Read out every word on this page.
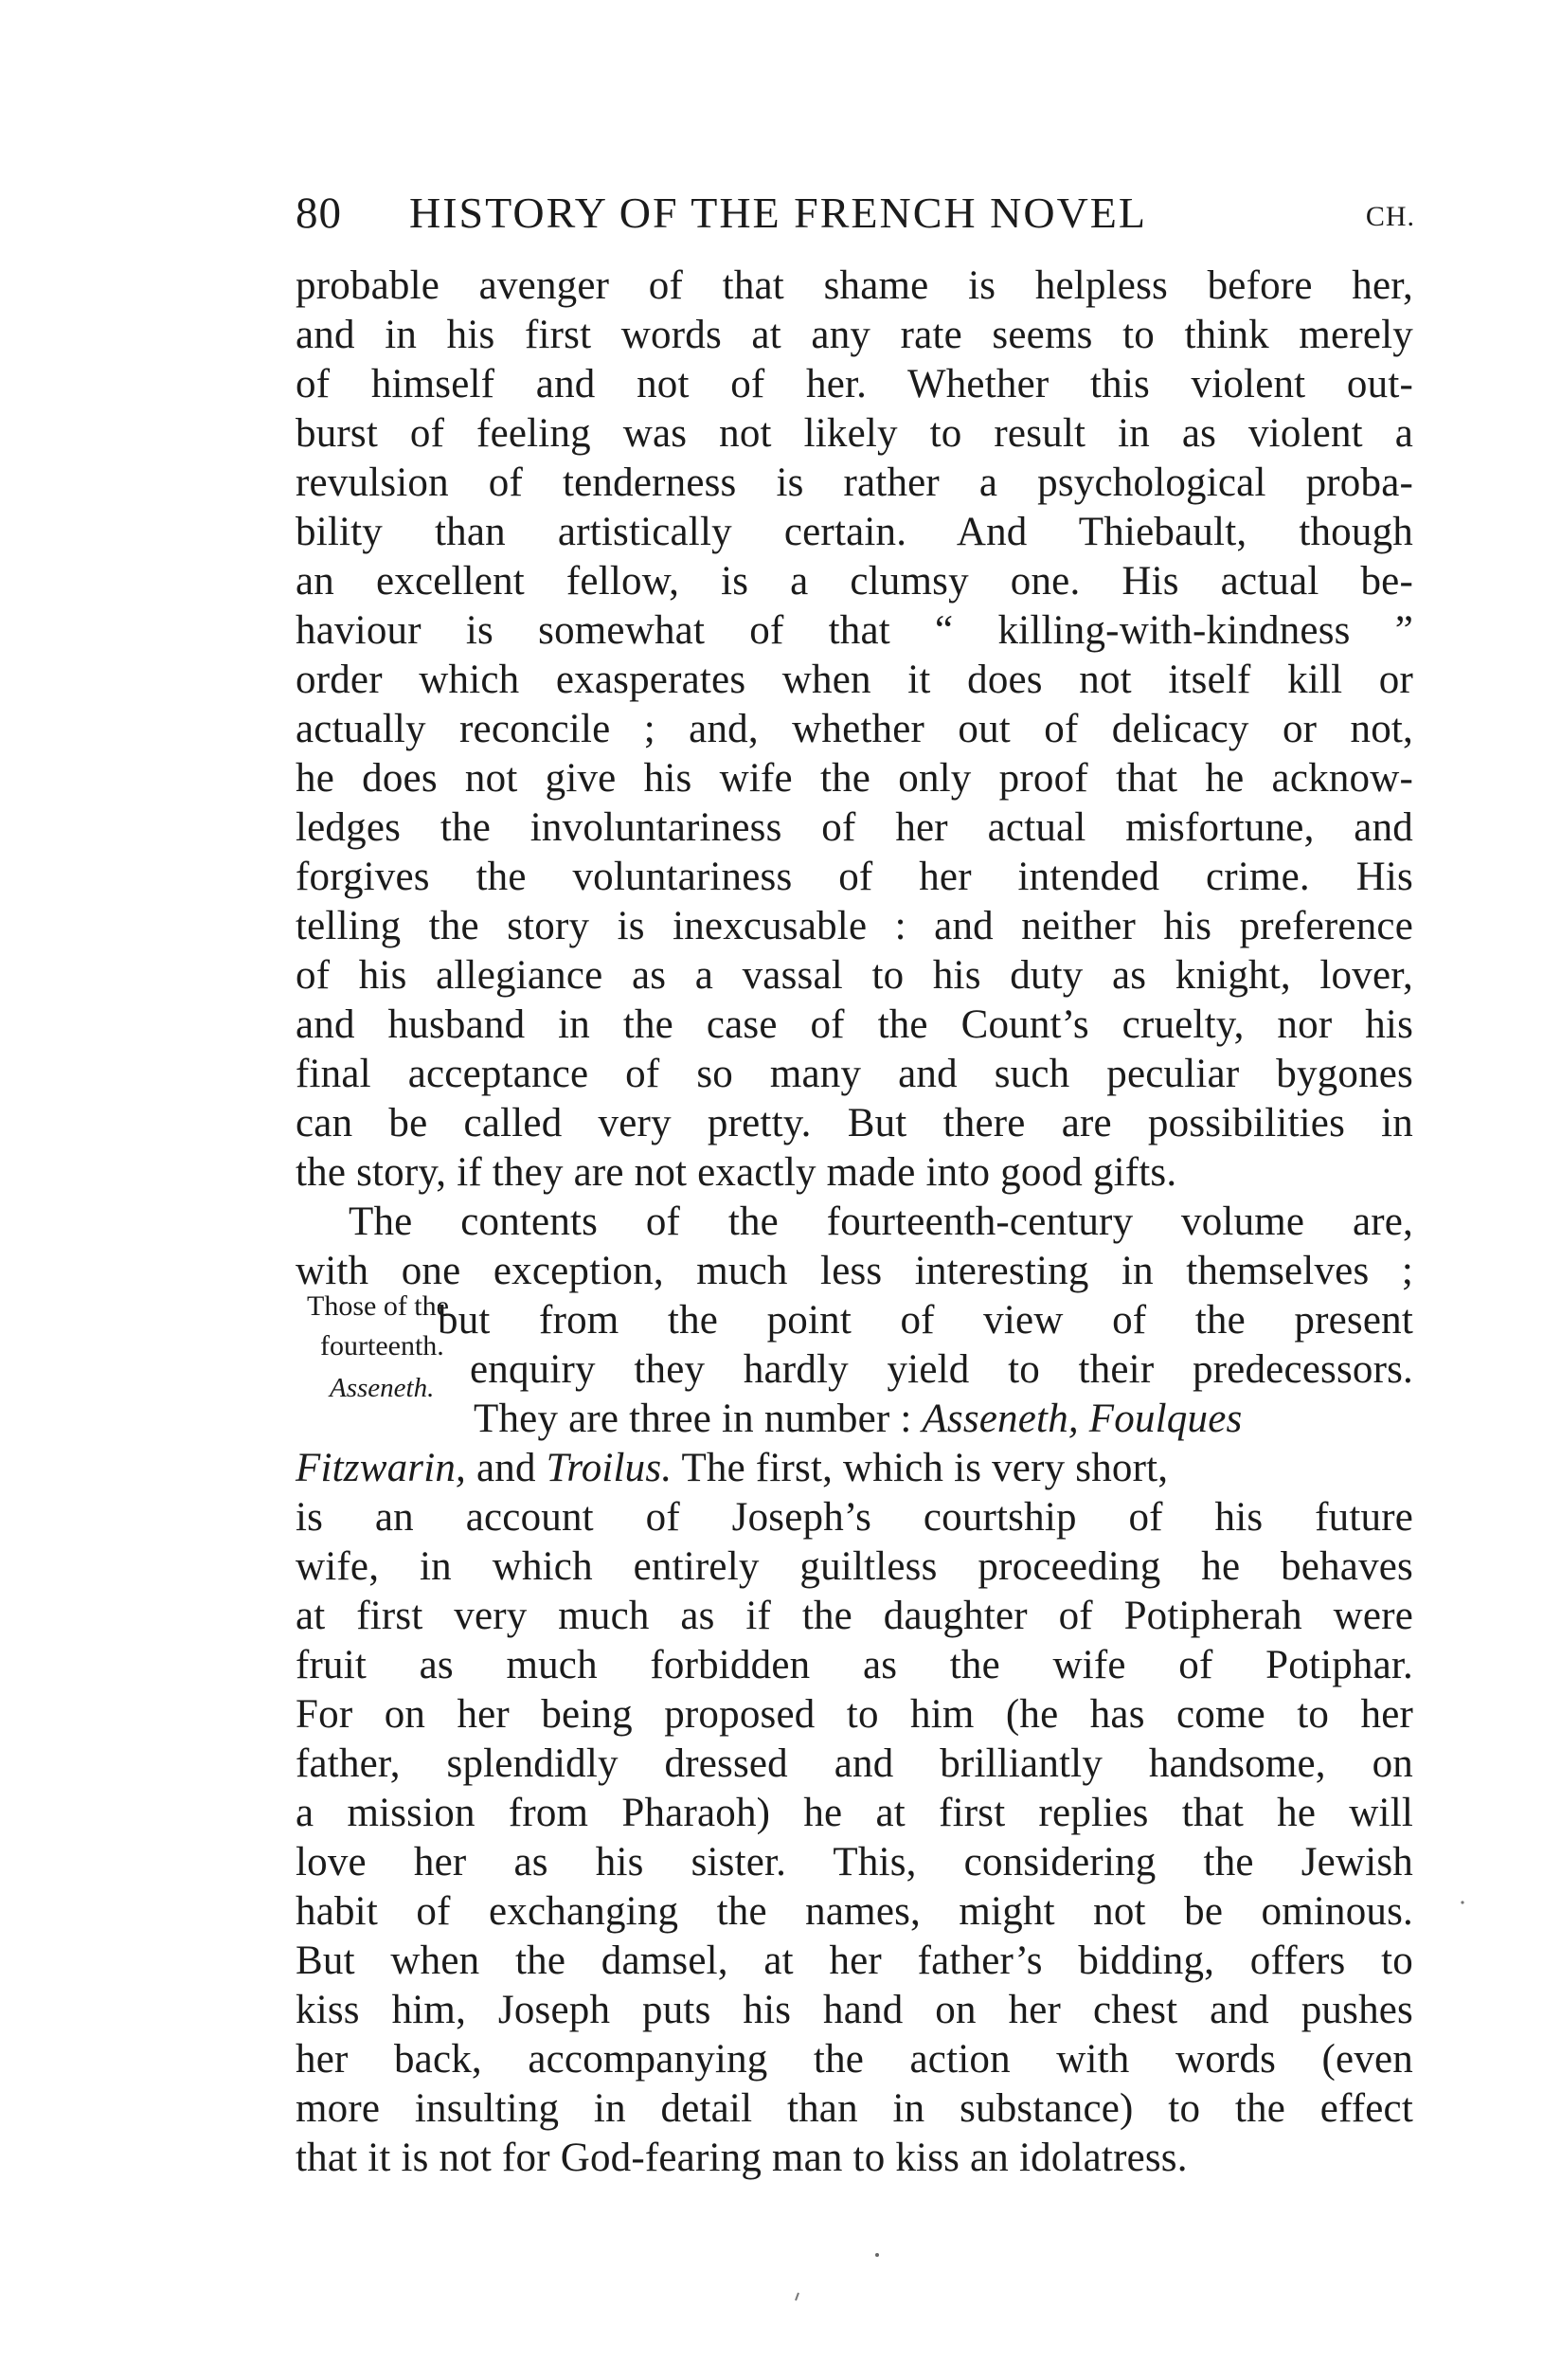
80 HISTORY OF THE FRENCH NOVEL	CH.
Those of the
fourteenth.
Asseneth.
probable avenger of that shame is helpless before her,
and in his first words at any rate seems to think merely
of himself and not of her. Whether this violent out-
burst of feeling was not likely to result in as violent a
revulsion of tenderness is rather a psychological proba-
bility than artistically certain. And Thiebault, though
an excellent fellow, is a clumsy one. His actual be-
haviour is somewhat of that “ killing-with-kindness ”
order which exasperates when it does not itself kill or
actually reconcile ; and, whether out of delicacy or not,
he does not give his wife the only proof that he acknow-
ledges the involuntariness of her actual misfortune, and
forgives the voluntariness of her intended crime. His
telling the story is inexcusable : and neither his preference
of his allegiance as a vassal to his duty as knight, lover,
and husband in the case of the Count’s cruelty, nor his
final acceptance of so many and such peculiar bygones
can be called very pretty. But there are possibilities in
the story, if they are not exactly made into good gifts.
The contents of the fourteenth-century volume are,
with one exception, much less interesting in themselves ;
but from the point of view of the present
enquiry they hardly yield to their predecessors.
They are three in number : Asseneth, Foulques
Fitzwarin, and Troilus. The first, which is very short,
is an account of Joseph’s courtship of his future
wife, in which entirely guiltless proceeding he behaves
at first very much as if the daughter of Potipherah were
fruit as much forbidden as the wife of Potiphar.
For on her being proposed to him (he has come to her
father, splendidly dressed and brilliantly handsome, on
a mission from Pharaoh) he at first replies that he will
love her as his sister. This, considering the Jewish
habit of exchanging the names, might not be ominous.
But when the damsel, at her father’s bidding, offers to
kiss him, Joseph puts his hand on her chest and pushes
her back, accompanying the action with words (even
more insulting in detail than in substance) to the effect
that it is not for God-fearing man to kiss an idolatress.
